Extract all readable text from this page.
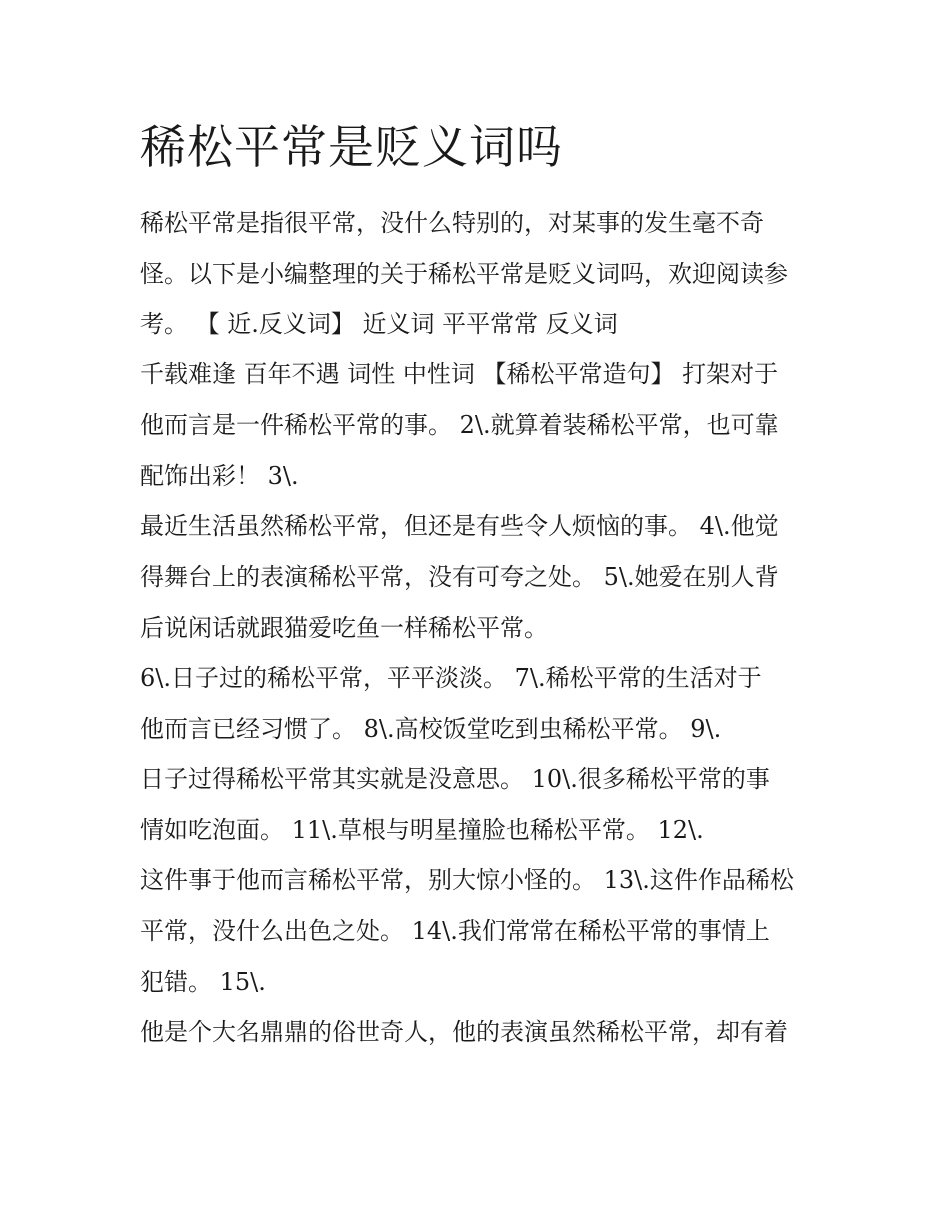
稀松平常是贬义词吗

稀松平常是指很平常，没什么特别的，对某事的发生毫不奇

怪。以下是小编整理的关于稀松平常是贬义词吗，欢迎阅读参

考。 【 近.反义词】 近义词 平平常常 反义词

千载难逢 百年不遇 词性 中性词 【稀松平常造句】 打架对于

他而言是一件稀松平常的事。 2\.就算着装稀松平常，也可靠

配饰出彩！ 3\.

最近生活虽然稀松平常，但还是有些令人烦恼的事。 4\.他觉

得舞台上的表演稀松平常，没有可夸之处。 5\.她爱在别人背

后说闲话就跟猫爱吃鱼一样稀松平常。

6\.日子过的稀松平常，平平淡淡。 7\.稀松平常的生活对于

他而言已经习惯了。 8\.高校饭堂吃到虫稀松平常。 9\.

日子过得稀松平常其实就是没意思。 10\.很多稀松平常的事

情如吃泡面。 11\.草根与明星撞脸也稀松平常。 12\.

这件事于他而言稀松平常，别大惊小怪的。 13\.这件作品稀松

平常，没什么出色之处。 14\.我们常常在稀松平常的事情上

犯错。 15\.

他是个大名鼎鼎的俗世奇人，他的表演虽然稀松平常，却有着
